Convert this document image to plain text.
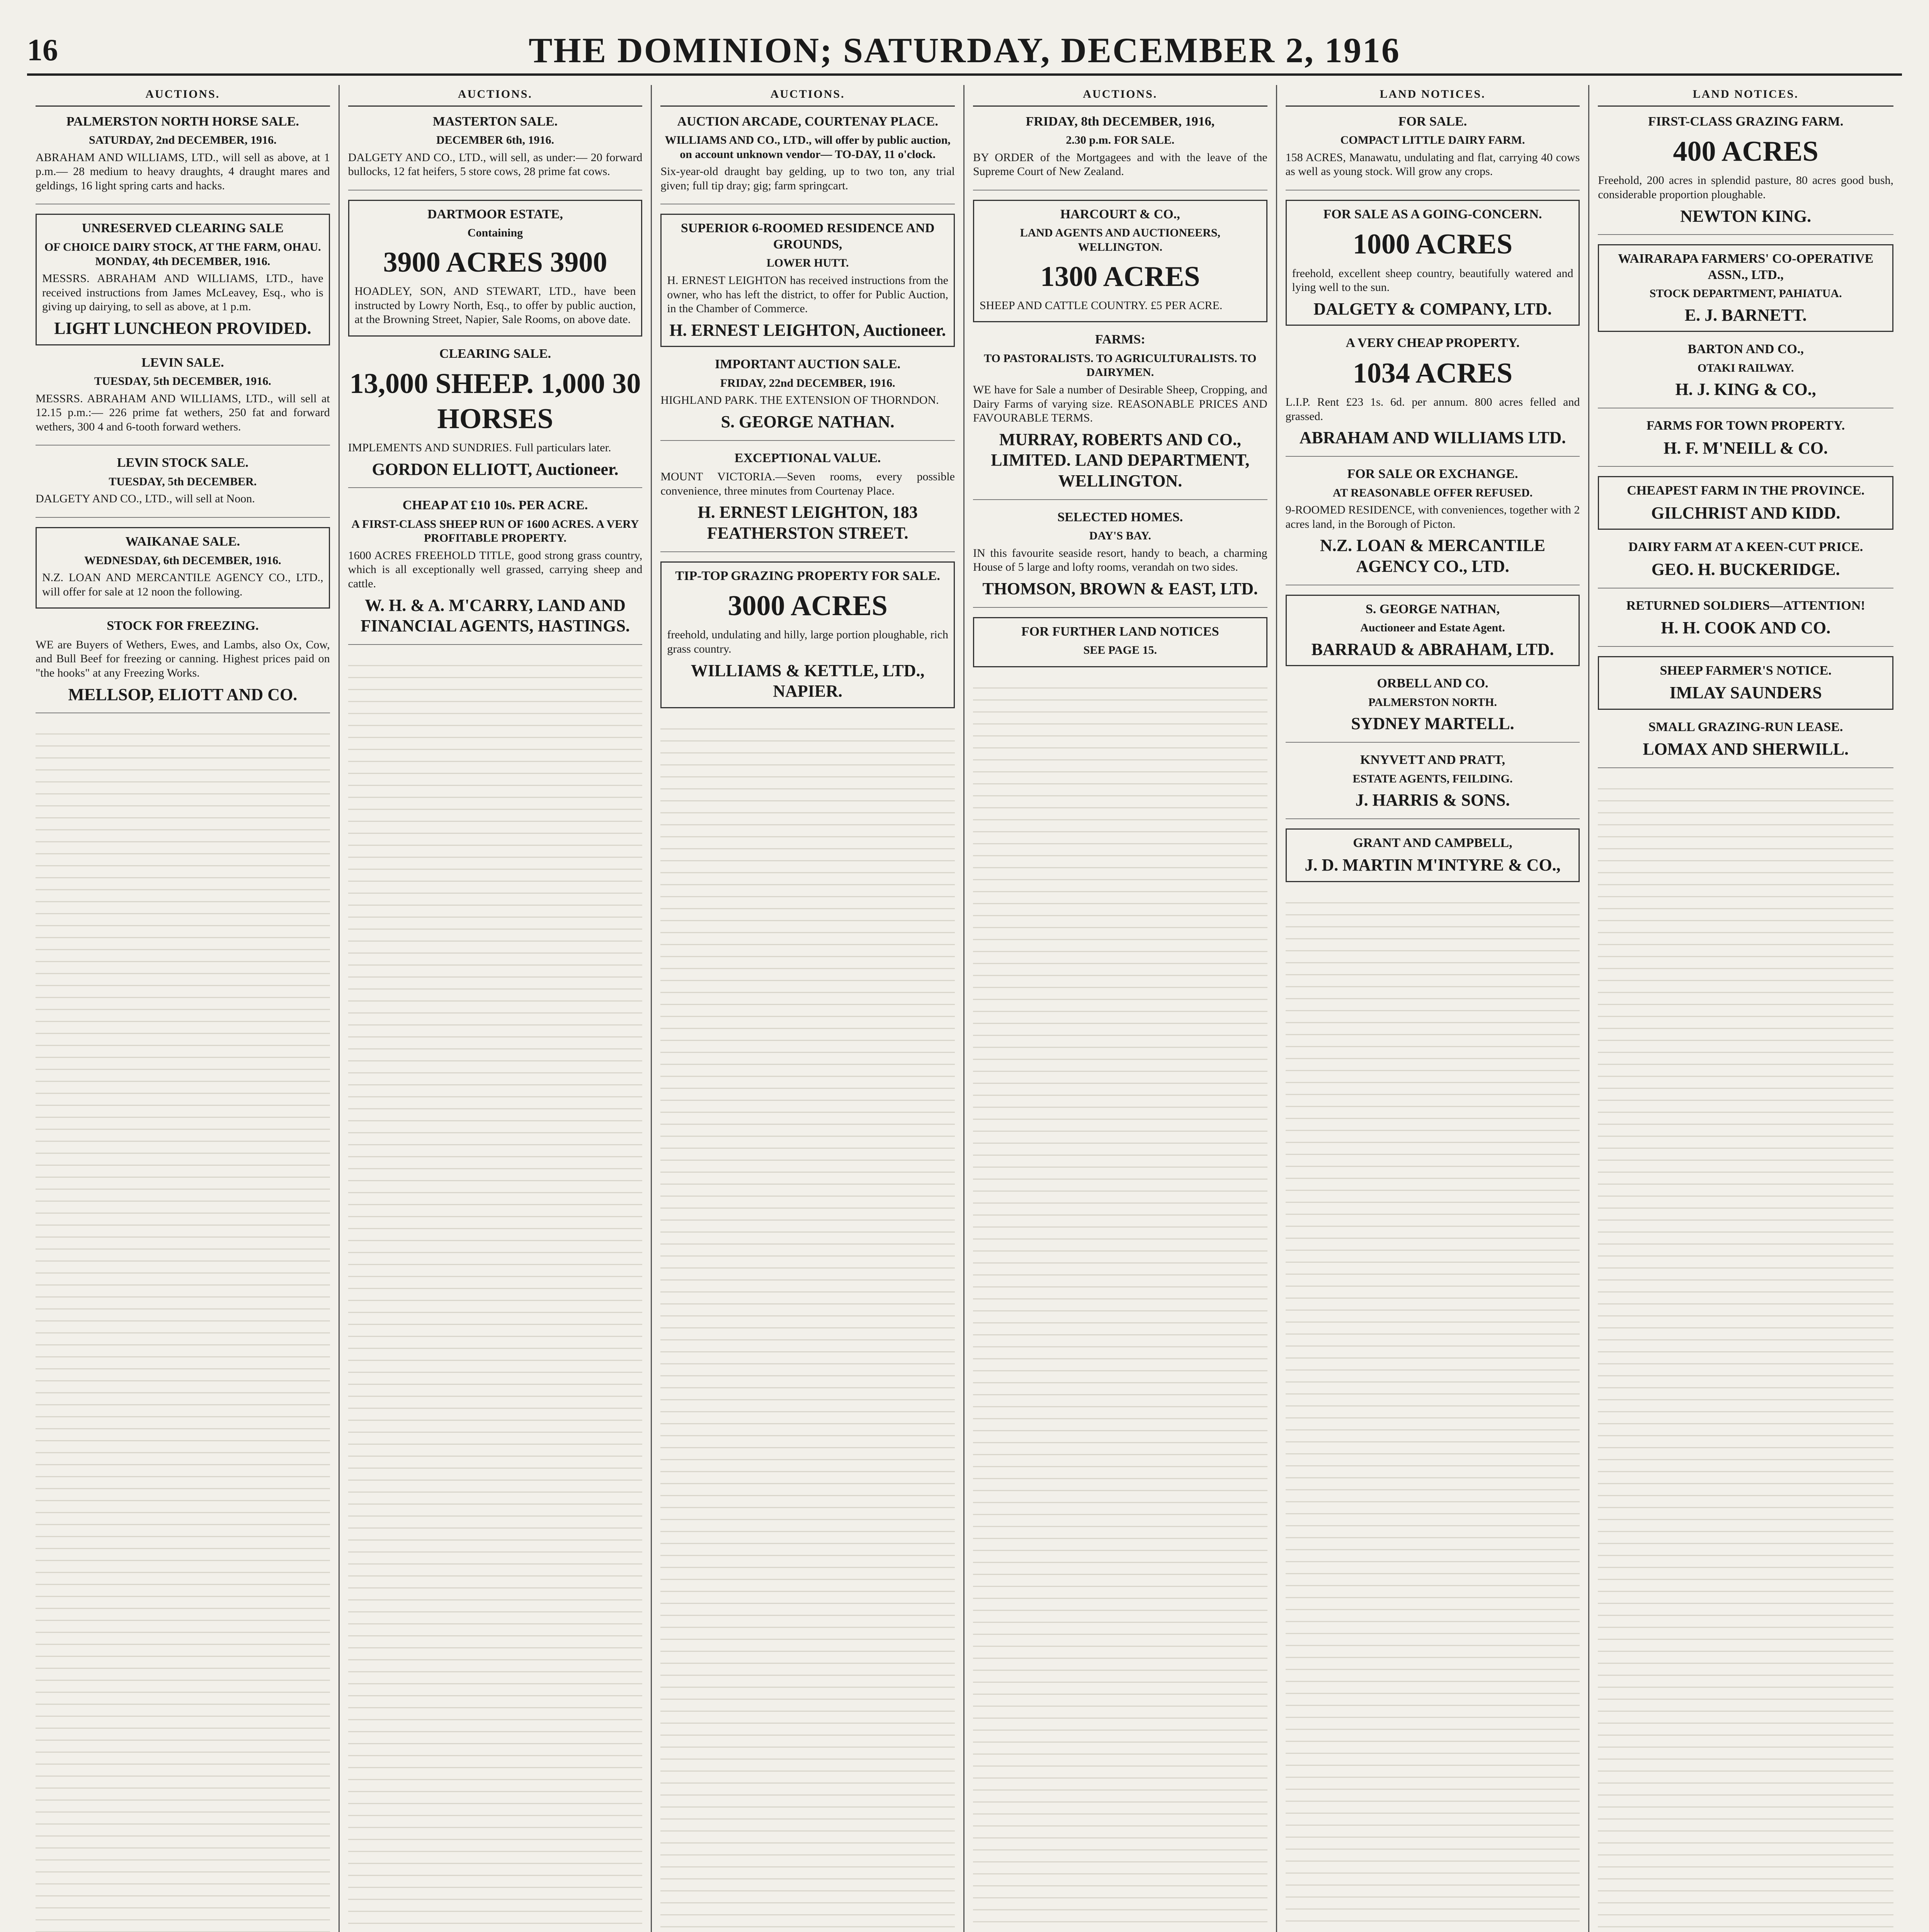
16	THE DOMINION; SATURDAY, DECEMBER 2, 1916
AUCTIONS.
PALMERSTON NORTH HORSE SALE.
SATURDAY, 2nd DECEMBER, 1916.

ABRAHAM AND WILLIAMS, LTD., will sell as above, at 1 p.m.— 28 medium to heavy draughts, 4 draught mares and geldings, 16 light spring carts and hacks.

UNRESERVED CLEARING SALE
OF CHOICE DAIRY STOCK, AT THE FARM, OHAU. MONDAY, 4th DECEMBER, 1916.

MESSRS. ABRAHAM AND WILLIAMS, LTD., have received instructions from James McLeavey, Esq., who is giving up dairying, to sell as above, at 1 p.m.

LIGHT LUNCHEON PROVIDED.
LEVIN SALE.
TUESDAY, 5th DECEMBER, 1916.

MESSRS. ABRAHAM AND WILLIAMS, LTD., will sell at 12.15 p.m.:— 226 prime fat wethers, 250 fat and forward wethers, 300 4 and 6-tooth forward wethers.

LEVIN STOCK SALE.
TUESDAY, 5th DECEMBER.

DALGETY AND CO., LTD., will sell at Noon.

WAIKANAE SALE.
WEDNESDAY, 6th DECEMBER, 1916.

N.Z. LOAN AND MERCANTILE AGENCY CO., LTD., will offer for sale at 12 noon the following.

STOCK FOR FREEZING.

WE are Buyers of Wethers, Ewes, and Lambs, also Ox, Cow, and Bull Beef for freezing or canning. Highest prices paid on "the hooks" at any Freezing Works.

MELLSOP, ELIOTT AND CO.
AUCTIONS.
MASTERTON SALE.
DECEMBER 6th, 1916.

DALGETY AND CO., LTD., will sell, as under:— 20 forward bullocks, 12 fat heifers, 5 store cows, 28 prime fat cows.

DARTMOOR ESTATE,
Containing
3900 ACRES 3900

HOADLEY, SON, AND STEWART, LTD., have been instructed by Lowry North, Esq., to offer by public auction, at the Browning Street, Napier, Sale Rooms, on above date.

CLEARING SALE.
13,000 SHEEP. 1,000 30 HORSES

IMPLEMENTS AND SUNDRIES. Full particulars later.

GORDON ELLIOTT, Auctioneer.
CHEAP AT £10 10s. PER ACRE.
A FIRST-CLASS SHEEP RUN OF 1600 ACRES. A VERY PROFITABLE PROPERTY.

1600 ACRES FREEHOLD TITLE, good strong grass country, which is all exceptionally well grassed, carrying sheep and cattle.

W. H. & A. M'CARRY, LAND AND FINANCIAL AGENTS, HASTINGS.
AUCTIONS.
AUCTION ARCADE, COURTENAY PLACE.
WILLIAMS AND CO., LTD., will offer by public auction, on account unknown vendor— TO-DAY, 11 o'clock.

Six-year-old draught bay gelding, up to two ton, any trial given; full tip dray; gig; farm springcart.

SUPERIOR 6-ROOMED RESIDENCE AND GROUNDS,
LOWER HUTT.

H. ERNEST LEIGHTON has received instructions from the owner, who has left the district, to offer for Public Auction, in the Chamber of Commerce.

H. ERNEST LEIGHTON, Auctioneer.
IMPORTANT AUCTION SALE.
FRIDAY, 22nd DECEMBER, 1916.

HIGHLAND PARK. THE EXTENSION OF THORNDON.

S. GEORGE NATHAN.
EXCEPTIONAL VALUE.

MOUNT VICTORIA.—Seven rooms, every possible convenience, three minutes from Courtenay Place.

H. ERNEST LEIGHTON, 183 FEATHERSTON STREET.
TIP-TOP GRAZING PROPERTY FOR SALE.
3000 ACRES

freehold, undulating and hilly, large portion ploughable, rich grass country.

WILLIAMS & KETTLE, LTD., NAPIER.
AUCTIONS.
FRIDAY, 8th DECEMBER, 1916,
2.30 p.m. FOR SALE.

BY ORDER of the Mortgagees and with the leave of the Supreme Court of New Zealand.

HARCOURT & CO.,
LAND AGENTS AND AUCTIONEERS, WELLINGTON.
1300 ACRES

SHEEP AND CATTLE COUNTRY. £5 PER ACRE.

FARMS:
TO PASTORALISTS. TO AGRICULTURALISTS. TO DAIRYMEN.

WE have for Sale a number of Desirable Sheep, Cropping, and Dairy Farms of varying size. REASONABLE PRICES AND FAVOURABLE TERMS.

MURRAY, ROBERTS AND CO., LIMITED. LAND DEPARTMENT, WELLINGTON.
SELECTED HOMES.
DAY'S BAY.

IN this favourite seaside resort, handy to beach, a charming House of 5 large and lofty rooms, verandah on two sides.

THOMSON, BROWN & EAST, LTD.
FOR FURTHER LAND NOTICES
SEE PAGE 15.
LAND NOTICES.
FOR SALE.
COMPACT LITTLE DAIRY FARM.

158 ACRES, Manawatu, undulating and flat, carrying 40 cows as well as young stock. Will grow any crops.

FOR SALE AS A GOING-CONCERN.
1000 ACRES

freehold, excellent sheep country, beautifully watered and lying well to the sun.

DALGETY & COMPANY, LTD.
A VERY CHEAP PROPERTY.
1034 ACRES

L.I.P. Rent £23 1s. 6d. per annum. 800 acres felled and grassed.

ABRAHAM AND WILLIAMS LTD.
FOR SALE OR EXCHANGE.
AT REASONABLE OFFER REFUSED.

9-ROOMED RESIDENCE, with conveniences, together with 2 acres land, in the Borough of Picton.

N.Z. LOAN & MERCANTILE AGENCY CO., LTD.
S. GEORGE NATHAN,
Auctioneer and Estate Agent.
BARRAUD & ABRAHAM, LTD.
ORBELL AND CO.
PALMERSTON NORTH.
SYDNEY MARTELL.
KNYVETT AND PRATT,
ESTATE AGENTS, FEILDING.
J. HARRIS & SONS.
GRANT AND CAMPBELL,
J. D. MARTIN M'INTYRE & CO.,
LAND NOTICES.
FIRST-CLASS GRAZING FARM.
400 ACRES

Freehold, 200 acres in splendid pasture, 80 acres good bush, considerable proportion ploughable.

NEWTON KING.
WAIRARAPA FARMERS' CO-OPERATIVE ASSN., LTD.,
STOCK DEPARTMENT, PAHIATUA.
E. J. BARNETT.
BARTON AND CO.,
OTAKI RAILWAY.
H. J. KING & CO.,
FARMS FOR TOWN PROPERTY.
H. F. M'NEILL & CO.
CHEAPEST FARM IN THE PROVINCE.
GILCHRIST AND KIDD.
DAIRY FARM AT A KEEN-CUT PRICE.
GEO. H. BUCKERIDGE.
RETURNED SOLDIERS—ATTENTION!
H. H. COOK AND CO.
SHEEP FARMER'S NOTICE.
IMLAY SAUNDERS
SMALL GRAZING-RUN LEASE.
LOMAX AND SHERWILL.
